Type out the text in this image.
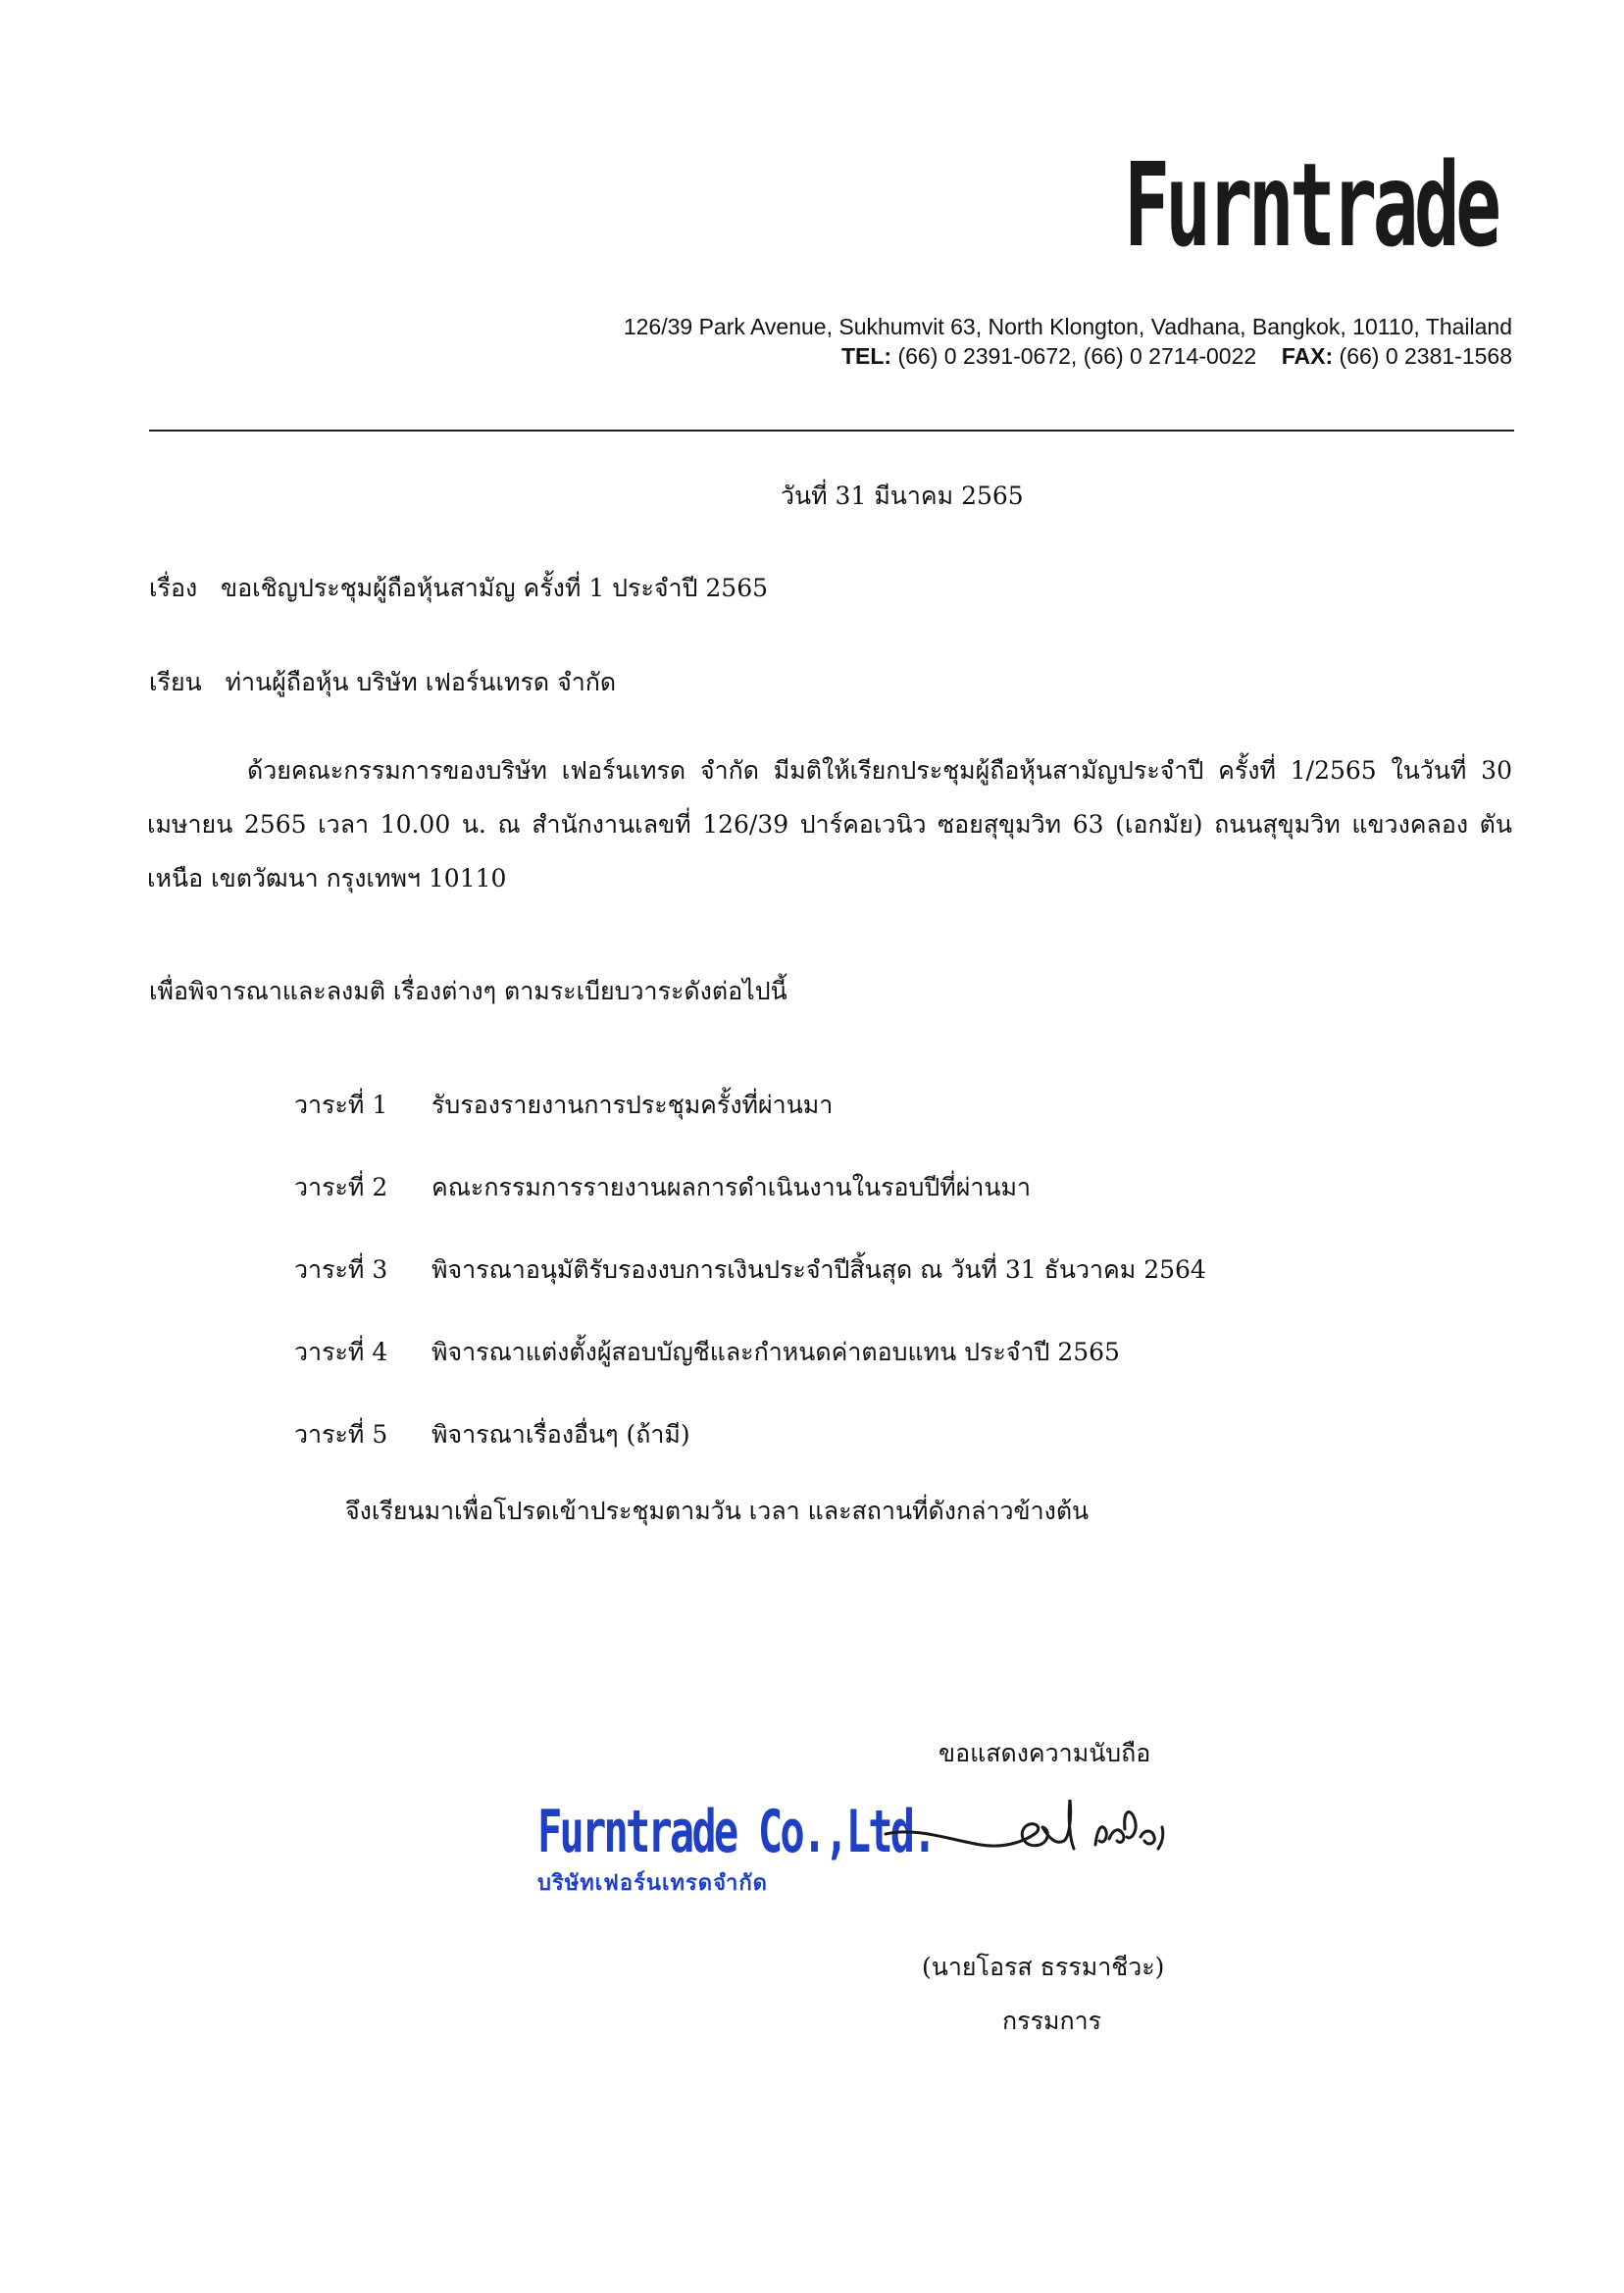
Furntrade
126/39 Park Avenue, Sukhumvit 63, North Klongton, Vadhana, Bangkok, 10110, Thailand
TEL: (66) 0 2391-0672, (66) 0 2714-0022 FAX: (66) 0 2381-1568
วันที่ 31 มีนาคม 2565
เรื่อง ขอเชิญประชุมผู้ถือหุ้นสามัญ ครั้งที่ 1 ประจำปี 2565
เรียน ท่านผู้ถือหุ้น บริษัท เฟอร์นเทรด จำกัด
ด้วยคณะกรรมการของบริษัท เฟอร์นเทรด จำกัด มีมติให้เรียกประชุมผู้ถือหุ้นสามัญประจำปี ครั้งที่ 1/2565 ในวันที่ 30 เมษายน 2565 เวลา 10.00 น. ณ สำนักงานเลขที่ 126/39 ปาร์คอเวนิว ซอยสุขุมวิท 63 (เอกมัย) ถนนสุขุมวิท แขวงคลอง ตันเหนือ เขตวัฒนา กรุงเทพฯ 10110
เพื่อพิจารณาและลงมติ เรื่องต่างๆ ตามระเบียบวาระดังต่อไปนี้
วาระที่ 1 รับรองรายงานการประชุมครั้งที่ผ่านมา
วาระที่ 2 คณะกรรมการรายงานผลการดำเนินงานในรอบปีที่ผ่านมา
วาระที่ 3 พิจารณาอนุมัติรับรองงบการเงินประจำปีสิ้นสุด ณ วันที่ 31 ธันวาคม 2564
วาระที่ 4 พิจารณาแต่งตั้งผู้สอบบัญชีและกำหนดค่าตอบแทน ประจำปี 2565
วาระที่ 5 พิจารณาเรื่องอื่นๆ (ถ้ามี)
จึงเรียนมาเพื่อโปรดเข้าประชุมตามวัน เวลา และสถานที่ดังกล่าวข้างต้น
ขอแสดงความนับถือ
Furntrade Co.,Ltd.
บริษัทเฟอร์นเทรดจำกัด
(นายโอรส ธรรมาชีวะ)
กรรมการ
